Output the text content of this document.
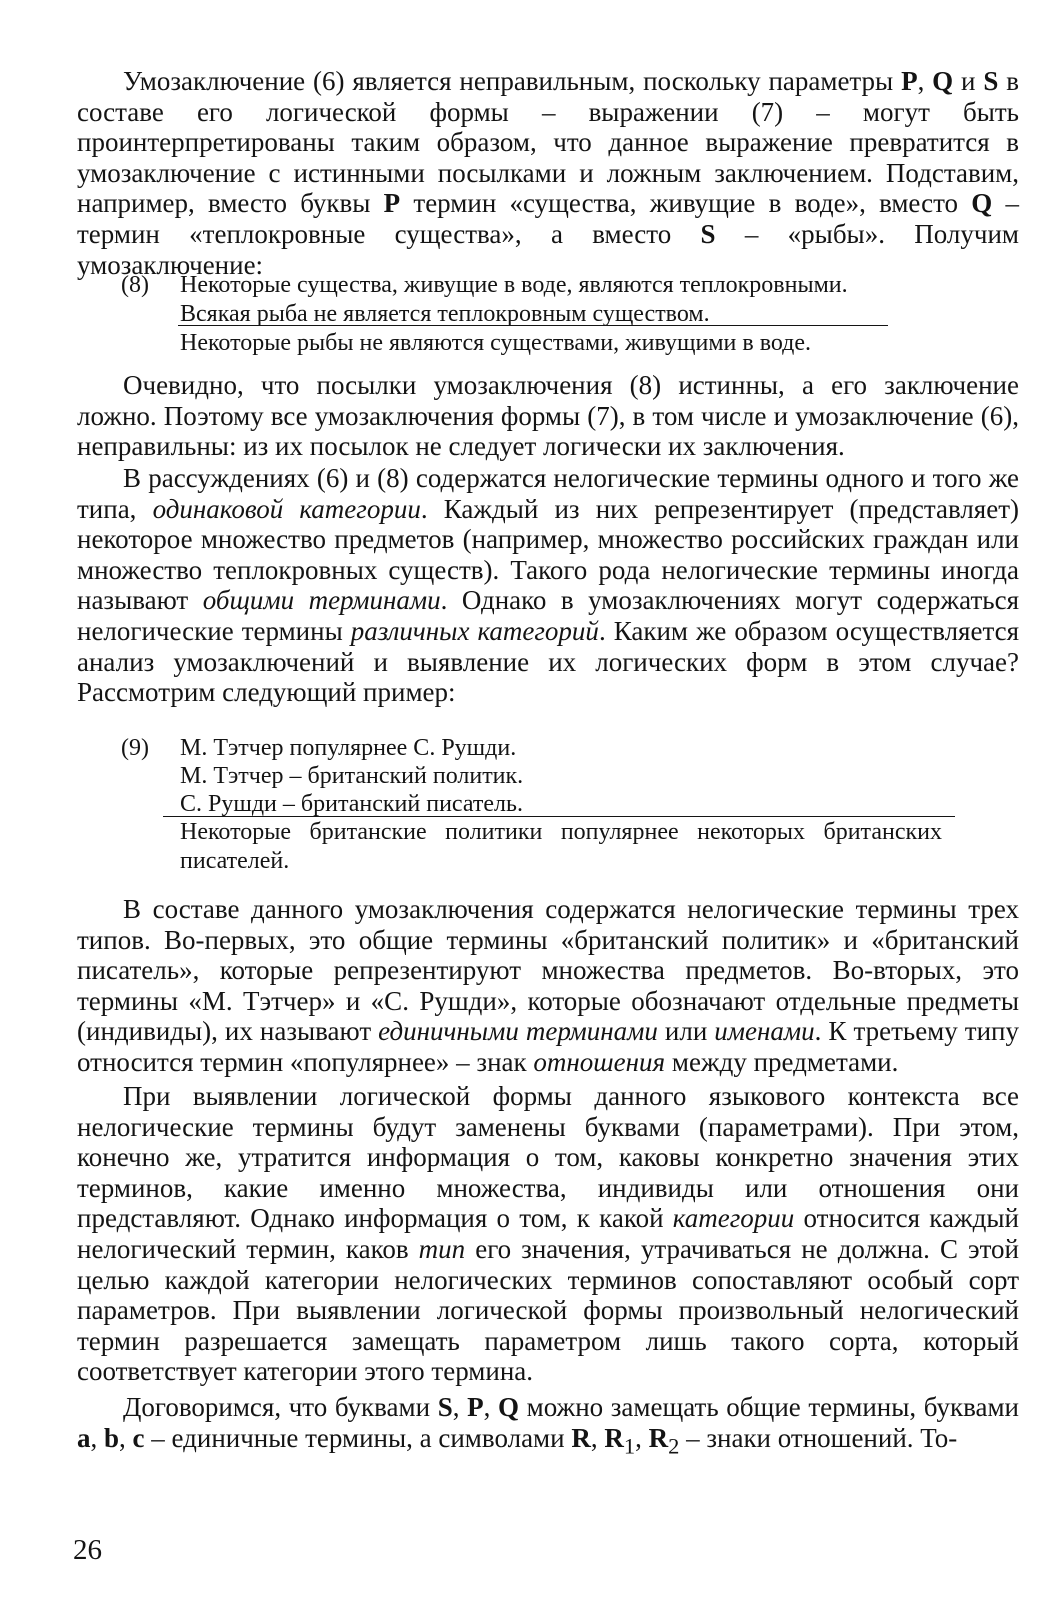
Умозаключение (6) является неправильным, поскольку параметры P, Q и S в составе его логической формы – выражении (7) – могут быть проинтерпретированы таким образом, что данное выражение превратится в умозаключение с истинными посылками и ложным заключением. Подставим, например, вместо буквы P термин «существа, живущие в воде», вместо Q – термин «теплокровные существа», а вместо S – «рыбы». Получим умозаключение:

(8) Некоторые существа, живущие в воде, являются теплокровными.
Всякая рыба не является теплокровным существом.
Некоторые рыбы не являются существами, живущими в воде.

Очевидно, что посылки умозаключения (8) истинны, а его заключение ложно. Поэтому все умозаключения формы (7), в том числе и умозаключение (6), неправильны: из их посылок не следует логически их заключения.

В рассуждениях (6) и (8) содержатся нелогические термины одного и того же типа, одинаковой категории. Каждый из них репрезентирует (представляет) некоторое множество предметов (например, множество российских граждан или множество теплокровных существ). Такого рода нелогические термины иногда называют общими терминами. Однако в умозаключениях могут содержаться нелогические термины различных категорий. Каким же образом осуществляется анализ умозаключений и выявление их логических форм в этом случае? Рассмотрим следующий пример:

(9) М. Тэтчер популярнее С. Рушди.
М. Тэтчер – британский политик.
С. Рушди – британский писатель.

Некоторые британские политики популярнее некоторых британских писателей.

В составе данного умозаключения содержатся нелогические термины трех типов. Во-первых, это общие термины «британский политик» и «британский писатель», которые репрезентируют множества предметов. Во-вторых, это термины «М. Тэтчер» и «С. Рушди», которые обозначают отдельные предметы (индивиды), их называют единичными терминами или именами. К третьему типу относится термин «популярнее» – знак отношения между предметами.

При выявлении логической формы данного языкового контекста все нелогические термины будут заменены буквами (параметрами). При этом, конечно же, утратится информация о том, каковы конкретно значения этих терминов, какие именно множества, индивиды или отношения они представляют. Однако информация о том, к какой категории относится каждый нелогический термин, каков тип его значения, утрачиваться не должна. С этой целью каждой категории нелогических терминов сопоставляют особый сорт параметров. При выявлении логической формы произвольный нелогический термин разрешается замещать параметром лишь такого сорта, который соответствует категории этого термина.

Договоримся, что буквами S, P, Q можно замещать общие термины, буквами a, b, c – единичные термины, а символами R, $R_1$, $R_2$ – знаки отношений. То-

26
